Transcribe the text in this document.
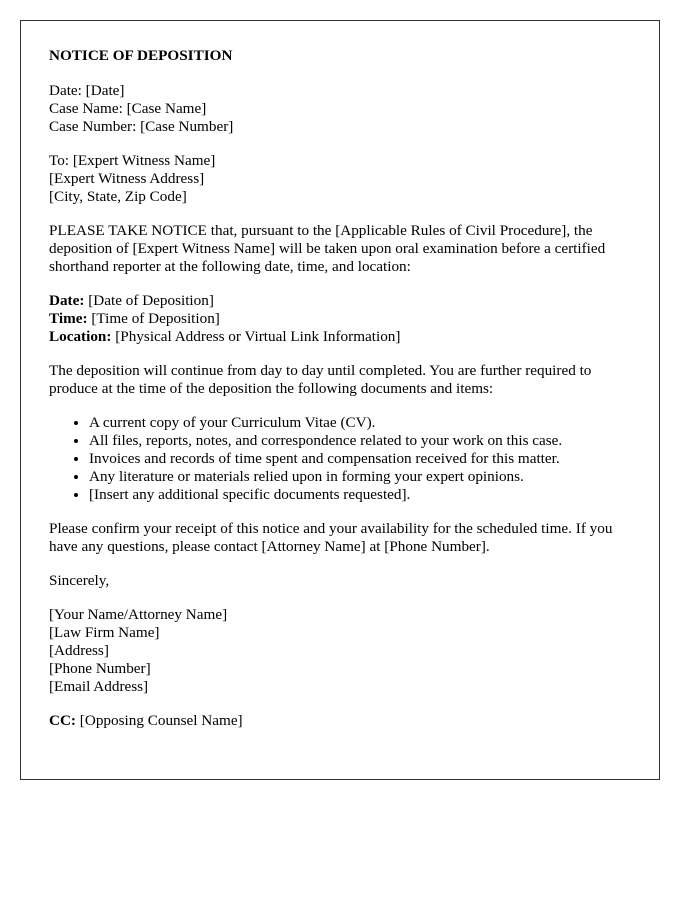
NOTICE OF DEPOSITION
Date: [Date]
Case Name: [Case Name]
Case Number: [Case Number]
To: [Expert Witness Name]
[Expert Witness Address]
[City, State, Zip Code]
PLEASE TAKE NOTICE that, pursuant to the [Applicable Rules of Civil Procedure], the deposition of [Expert Witness Name] will be taken upon oral examination before a certified shorthand reporter at the following date, time, and location:
Date: [Date of Deposition]
Time: [Time of Deposition]
Location: [Physical Address or Virtual Link Information]
The deposition will continue from day to day until completed. You are further required to produce at the time of the deposition the following documents and items:
• A current copy of your Curriculum Vitae (CV).
• All files, reports, notes, and correspondence related to your work on this case.
• Invoices and records of time spent and compensation received for this matter.
• Any literature or materials relied upon in forming your expert opinions.
• [Insert any additional specific documents requested].
Please confirm your receipt of this notice and your availability for the scheduled time. If you have any questions, please contact [Attorney Name] at [Phone Number].
Sincerely,
[Your Name/Attorney Name]
[Law Firm Name]
[Address]
[Phone Number]
[Email Address]
CC: [Opposing Counsel Name]
